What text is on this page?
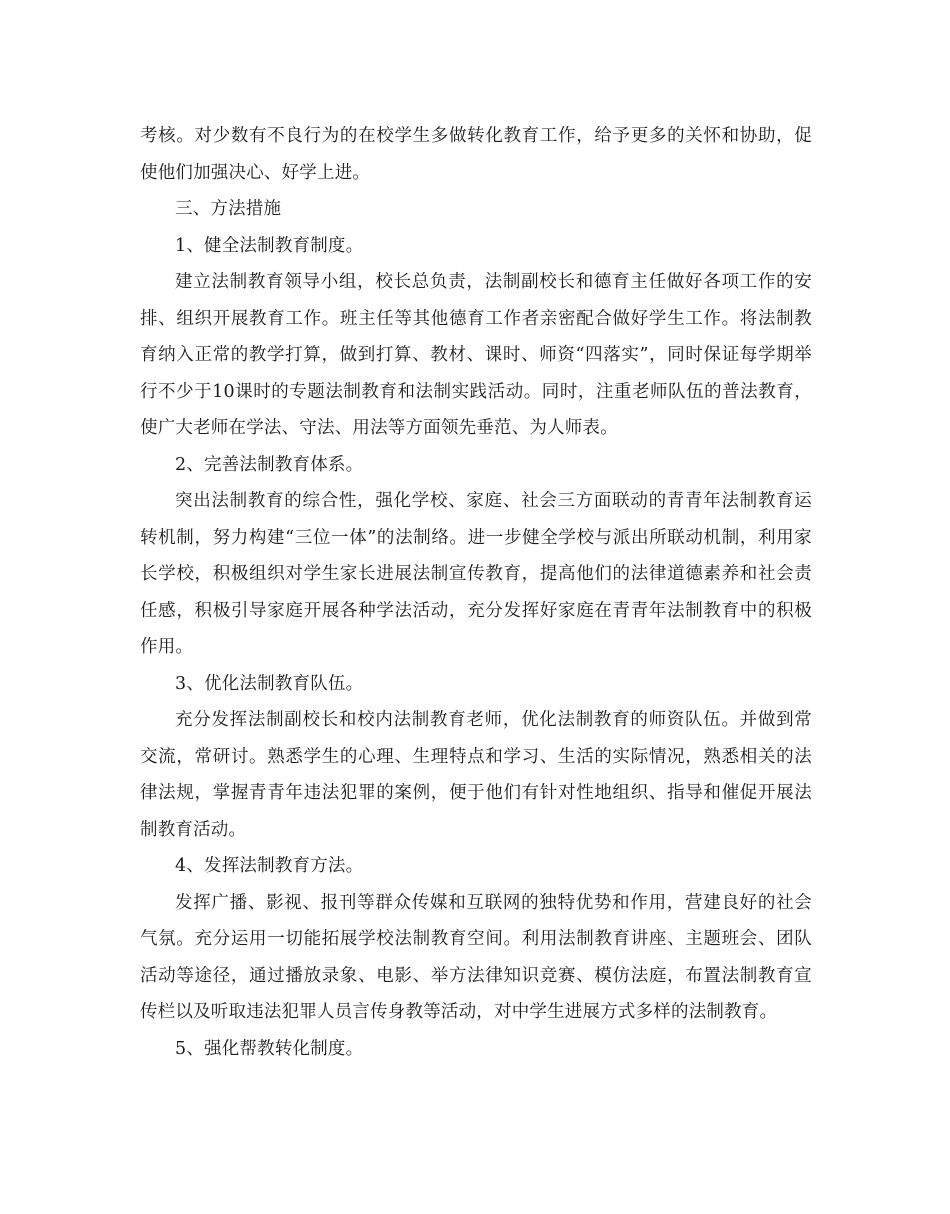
考核。对少数有不良行为的在校学生多做转化教育工作，给予更多的关怀和协助，促使他们加强决心、好学上进。

三、方法措施

1、健全法制教育制度。

建立法制教育领导小组，校长总负责，法制副校长和德育主任做好各项工作的安排、组织开展教育工作。班主任等其他德育工作者亲密配合做好学生工作。将法制教育纳入正常的教学打算，做到打算、教材、课时、师资“四落实”，同时保证每学期举行不少于10课时的专题法制教育和法制实践活动。同时，注重老师队伍的普法教育，使广大老师在学法、守法、用法等方面领先垂范、为人师表。

2、完善法制教育体系。

突出法制教育的综合性，强化学校、家庭、社会三方面联动的青青年法制教育运转机制，努力构建“三位一体”的法制络。进一步健全学校与派出所联动机制，利用家长学校，积极组织对学生家长进展法制宣传教育，提高他们的法律道德素养和社会责任感，积极引导家庭开展各种学法活动，充分发挥好家庭在青青年法制教育中的积极作用。

3、优化法制教育队伍。

充分发挥法制副校长和校内法制教育老师，优化法制教育的师资队伍。并做到常交流，常研讨。熟悉学生的心理、生理特点和学习、生活的实际情况，熟悉相关的法律法规，掌握青青年违法犯罪的案例，便于他们有针对性地组织、指导和催促开展法制教育活动。

4、发挥法制教育方法。

发挥广播、影视、报刊等群众传媒和互联网的独特优势和作用，营建良好的社会气氛。充分运用一切能拓展学校法制教育空间。利用法制教育讲座、主题班会、团队活动等途径，通过播放录象、电影、举方法律知识竞赛、模仿法庭，布置法制教育宣传栏以及听取违法犯罪人员言传身教等活动，对中学生进展方式多样的法制教育。

5、强化帮教转化制度。
